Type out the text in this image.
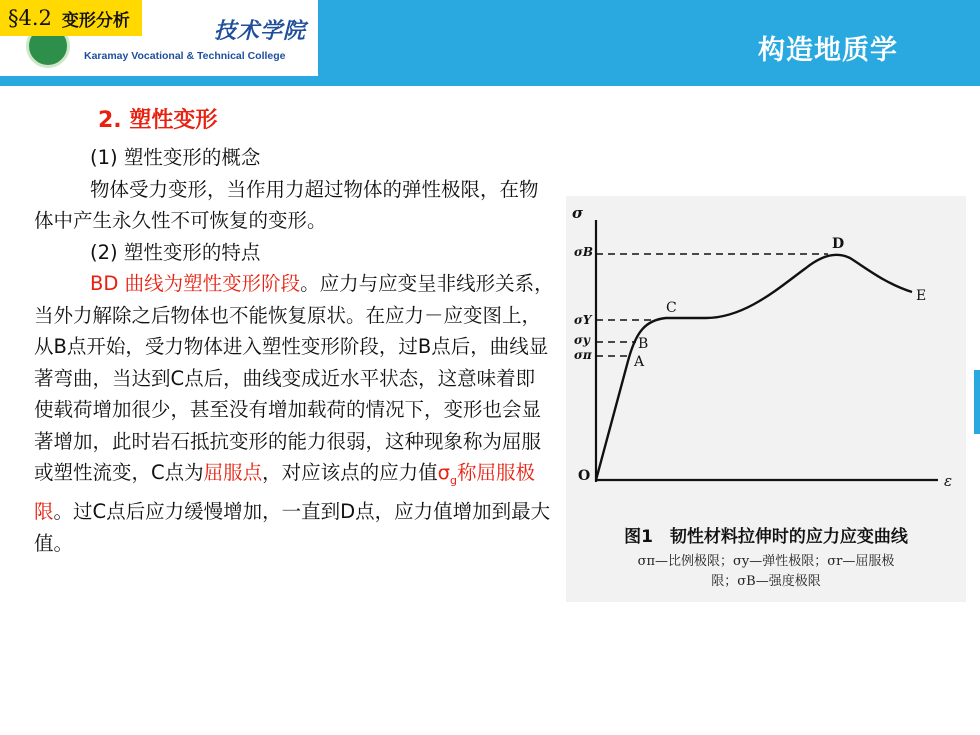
技术学院
Karamay Vocational & Technical College
§4.2 变形分析
构造地质学
2. 塑性变形

(1) 塑性变形的概念

物体受力变形，当作用力超过物体的弹性极限，在物体中产生永久性不可恢复的变形。

(2) 塑性变形的特点

BD 曲线为塑性变形阶段。应力与应变呈非线形关系，当外力解除之后物体也不能恢复原状。在应力－应变图上，从B点开始，受力物体进入塑性变形阶段，过B点后，曲线显著弯曲，当达到C点后，曲线变成近水平状态，这意味着即使载荷增加很少，甚至没有增加载荷的情况下，变形也会显著增加，此时岩石抵抗变形的能力很弱，这种现象称为屈服或塑性流变，C点为屈服点，对应该点的应力值$\sigma_g$称屈服极限。过C点后应力缓慢增加，一直到D点，应力值增加到最大值。

σ
ε
O
σB
σY
σy
σπ	A
B
C
D
E
图1　韧性材料拉伸时的应力应变曲线
σπ—比例极限；σy—弹性极限；σr—屈服极
限；σB—强度极限
